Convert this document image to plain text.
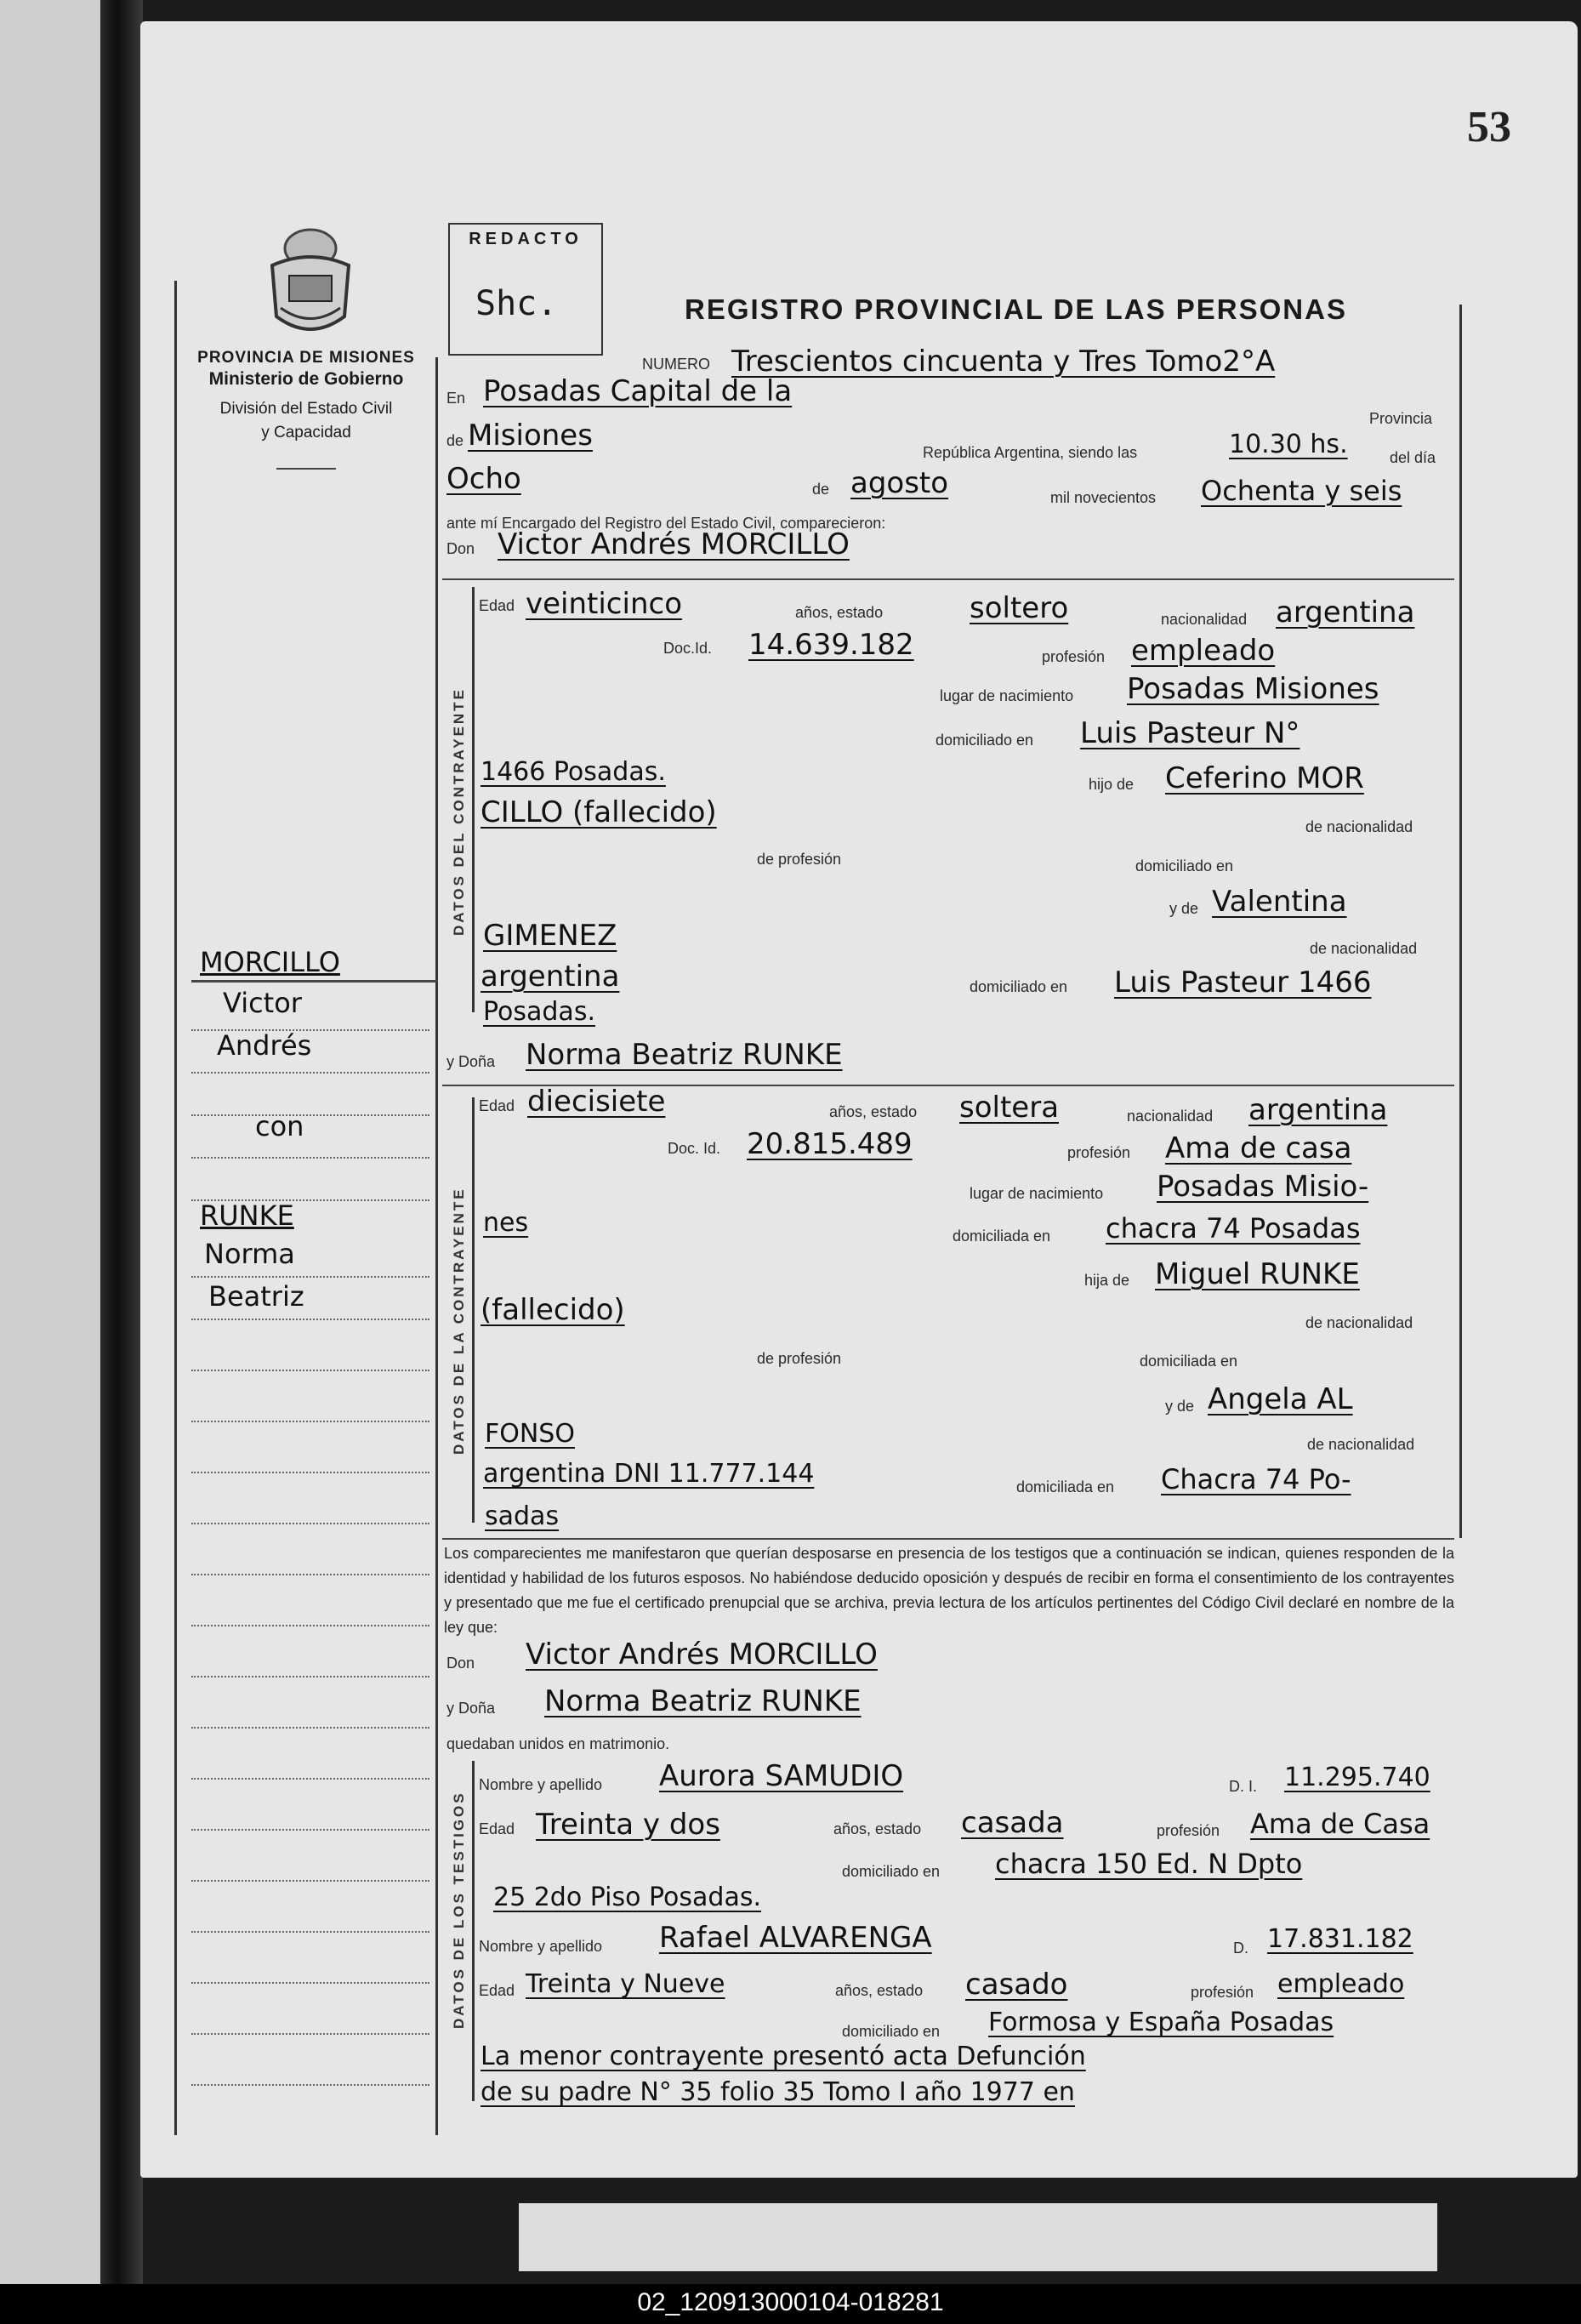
53
PROVINCIA DE MISIONES
Ministerio de Gobierno
División del Estado Civil
y Capacidad
REDACTO
Shc.	REGISTRO PROVINCIAL DE LAS PERSONAS
MORCILLO
Victor
Andrés
con
RUNKE
Norma
Beatriz
NUMERO Trescientos cincuenta y Tres Tomo2°A
En Posadas Capital de la
Provincia
de Misiones	República Argentina, siendo las	10.30 hs.	del día
Ocho	de agosto	mil novecientos Ochenta y seis
ante mí Encargado del Registro del Estado Civil, comparecieron:
Don Victor Andrés MORCILLO
DATOS DEL CONTRAYENTE
Edad veinticinco	años, estado	soltero	nacionalidad argentina
Doc.Id. 14.639.182	profesión empleado
lugar de nacimiento Posadas Misiones
domiciliado en Luis Pasteur N°
1466 Posadas.	hijo de Ceferino MOR
CILLO (fallecido)	de nacionalidad
de profesión	domiciliado en
y de Valentina
GIMENEZ	de nacionalidad
argentina	domiciliado en Luis Pasteur 1466
Posadas.
y Doña Norma Beatriz RUNKE
DATOS DE LA CONTRAYENTE
Edad diecisiete	años, estado soltera	nacionalidad argentina
Doc. Id. 20.815.489	profesión Ama de casa
lugar de nacimiento Posadas Misio-
nes	domiciliada en chacra 74 Posadas
hija de Miguel RUNKE
(fallecido)	de nacionalidad
de profesión	domiciliada en
y de Angela AL
FONSO	de nacionalidad
argentina DNI 11.777.144	domiciliada en Chacra 74 Po-
sadas
Los comparecientes me manifestaron que querían desposarse en presencia de los testigos que a continuación se indican, quienes responden de la identidad y habilidad de los futuros esposos. No habiéndose deducido oposición y después de recibir en forma el consentimiento de los contrayentes y presentado que me fue el certificado prenupcial que se archiva, previa lectura de los artículos pertinentes del Código Civil declaré en nombre de la ley que:
Don Victor Andrés MORCILLO
y Doña Norma Beatriz RUNKE
quedaban unidos en matrimonio.
DATOS DE LOS TESTIGOS
Nombre y apellido Aurora SAMUDIO	D. I. 11.295.740
Edad Treinta y dos	años, estado casada	profesión Ama de Casa
domiciliado en chacra 150 Ed. N Dpto
25 2do Piso Posadas.
Nombre y apellido Rafael ALVARENGA	D. 17.831.182
Edad Treinta y Nueve	años, estado casado	profesión empleado
domiciliado en Formosa y España Posadas
La menor contrayente presentó acta Defunción
de su padre N° 35 folio 35 Tomo I año 1977 en
02_120913000104-018281
